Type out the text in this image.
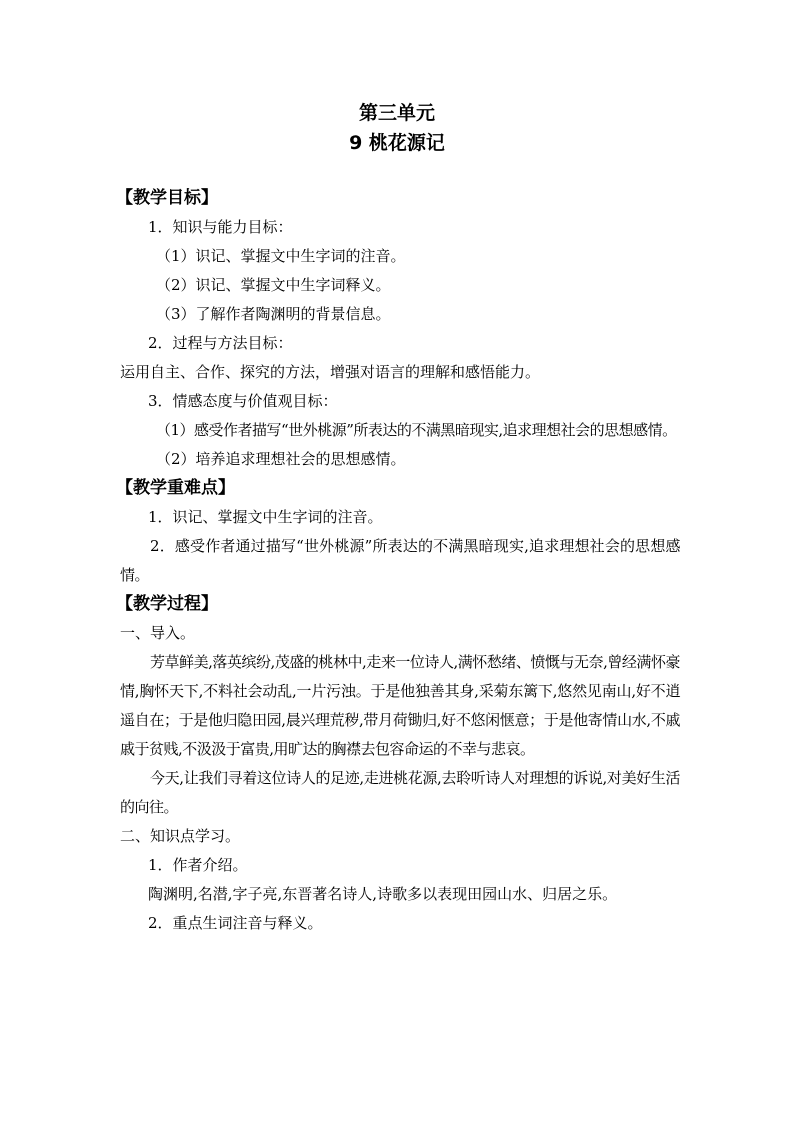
第三单元

9 桃花源记

【教学目标】
1．知识与能力目标：
（1）识记、掌握文中生字词的注音。
（2）识记、掌握文中生字词释义。
（3）了解作者陶渊明的背景信息。
2．过程与方法目标：
运用自主、合作、探究的方法，增强对语言的理解和感悟能力。
3．情感态度与价值观目标：
（1）感受作者描写“世外桃源”所表达的不满黑暗现实,追求理想社会的思想感情。
（2）培养追求理想社会的思想感情。
【教学重难点】
1．识记、掌握文中生字词的注音。
2．感受作者通过描写“世外桃源”所表达的不满黑暗现实,追求理想社会的思想感情。
【教学过程】
一、导入。
芳草鲜美,落英缤纷,茂盛的桃林中,走来一位诗人,满怀愁绪、愤慨与无奈,曾经满怀豪情,胸怀天下,不料社会动乱,一片污浊。于是他独善其身,采菊东篱下,悠然见南山,好不逍遥自在；于是他归隐田园,晨兴理荒秽,带月荷锄归,好不悠闲惬意；于是他寄情山水,不戚戚于贫贱,不汲汲于富贵,用旷达的胸襟去包容命运的不幸与悲哀。
今天,让我们寻着这位诗人的足迹,走进桃花源,去聆听诗人对理想的诉说,对美好生活的向往。
二、知识点学习。
1．作者介绍。
陶渊明,名潜,字子亮,东晋著名诗人,诗歌多以表现田园山水、归居之乐。
2．重点生词注音与释义。
